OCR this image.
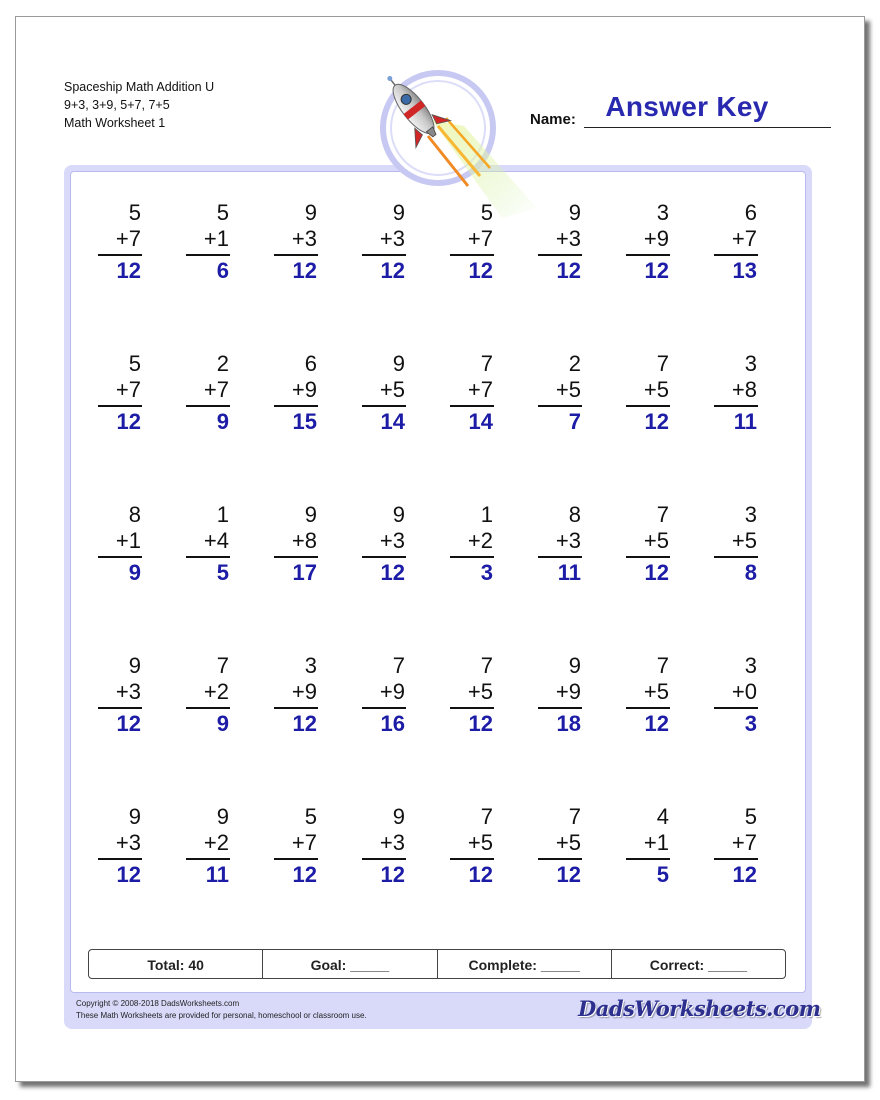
Spaceship Math Addition U
9+3, 3+9, 5+7, 7+5
Math Worksheet 1	Name:	Answer Key
5
+7
12
5
+1
6
9
+3
12
9
+3
12
5
+7
12
9
+3
12
3
+9
12
6
+7
13
5
+7
12
2
+7
9
6
+9
15
9
+5
14
7
+7
14
2
+5
7
7
+5
12
3
+8
11
8
+1
9
1
+4
5
9
+8
17
9
+3
12
1
+2
3
8
+3
11
7
+5
12
3
+5
8
9
+3
12
7
+2
9
3
+9
12
7
+9
16
7
+5
12
9
+9
18
7
+5
12
3
+0
3
9
+3
12
9
+2
11
5
+7
12
9
+3
12
7
+5
12
7
+5
12
4
+1
5
5
+7
12
Total: 40	Goal: _____	Complete: _____	Correct: _____
Copyright © 2008-2018 DadsWorksheets.com
These Math Worksheets are provided for personal, homeschool or classroom use.	DadsWorksheets.com
